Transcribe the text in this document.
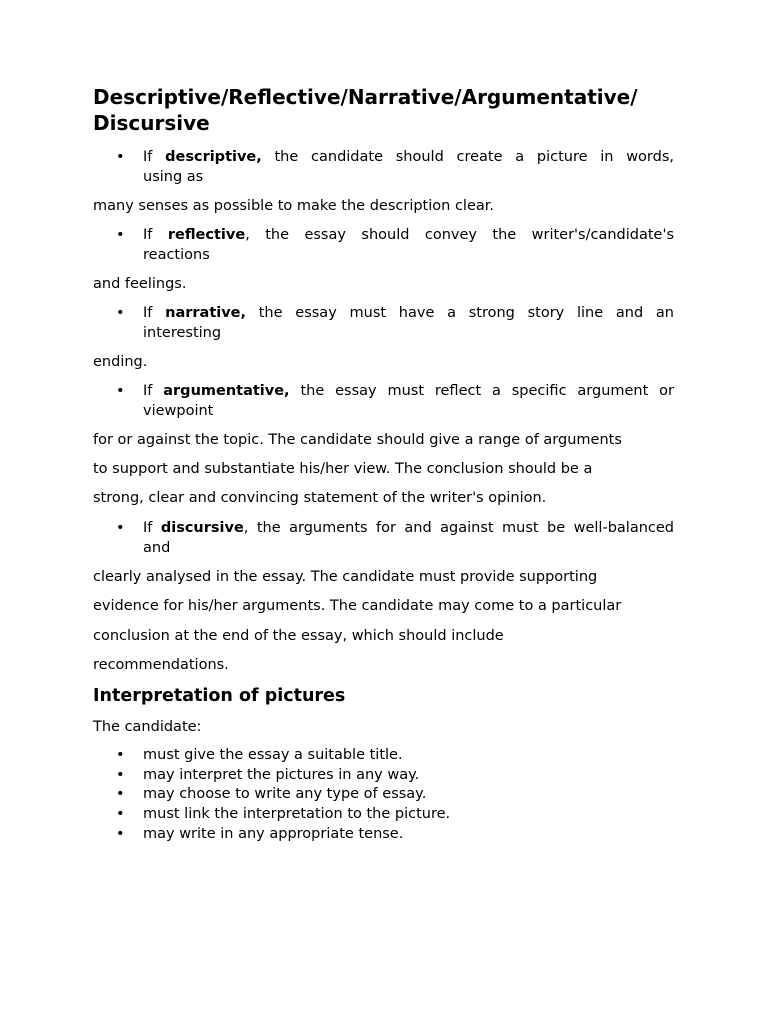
Descriptive/Reflective/Narrative/Argumentative/ Discursive
• If descriptive, the candidate should create a picture in words,
using as
many senses as possible to make the description clear.
• If reflective, the essay should convey the writer's/candidate's
reactions
and feelings.
• If narrative, the essay must have a strong story line and an
interesting
ending.
• If argumentative, the essay must reflect a specific argument or
viewpoint
for or against the topic. The candidate should give a range of arguments
to support and substantiate his/her view. The conclusion should be a
strong, clear and convincing statement of the writer's opinion.
• If discursive, the arguments for and against must be well-balanced
and
clearly analysed in the essay. The candidate must provide supporting
evidence for his/her arguments. The candidate may come to a particular
conclusion at the end of the essay, which should include
recommendations.
Interpretation of pictures
The candidate:
• must give the essay a suitable title.
• may interpret the pictures in any way.
• may choose to write any type of essay.
• must link the interpretation to the picture.
• may write in any appropriate tense.
